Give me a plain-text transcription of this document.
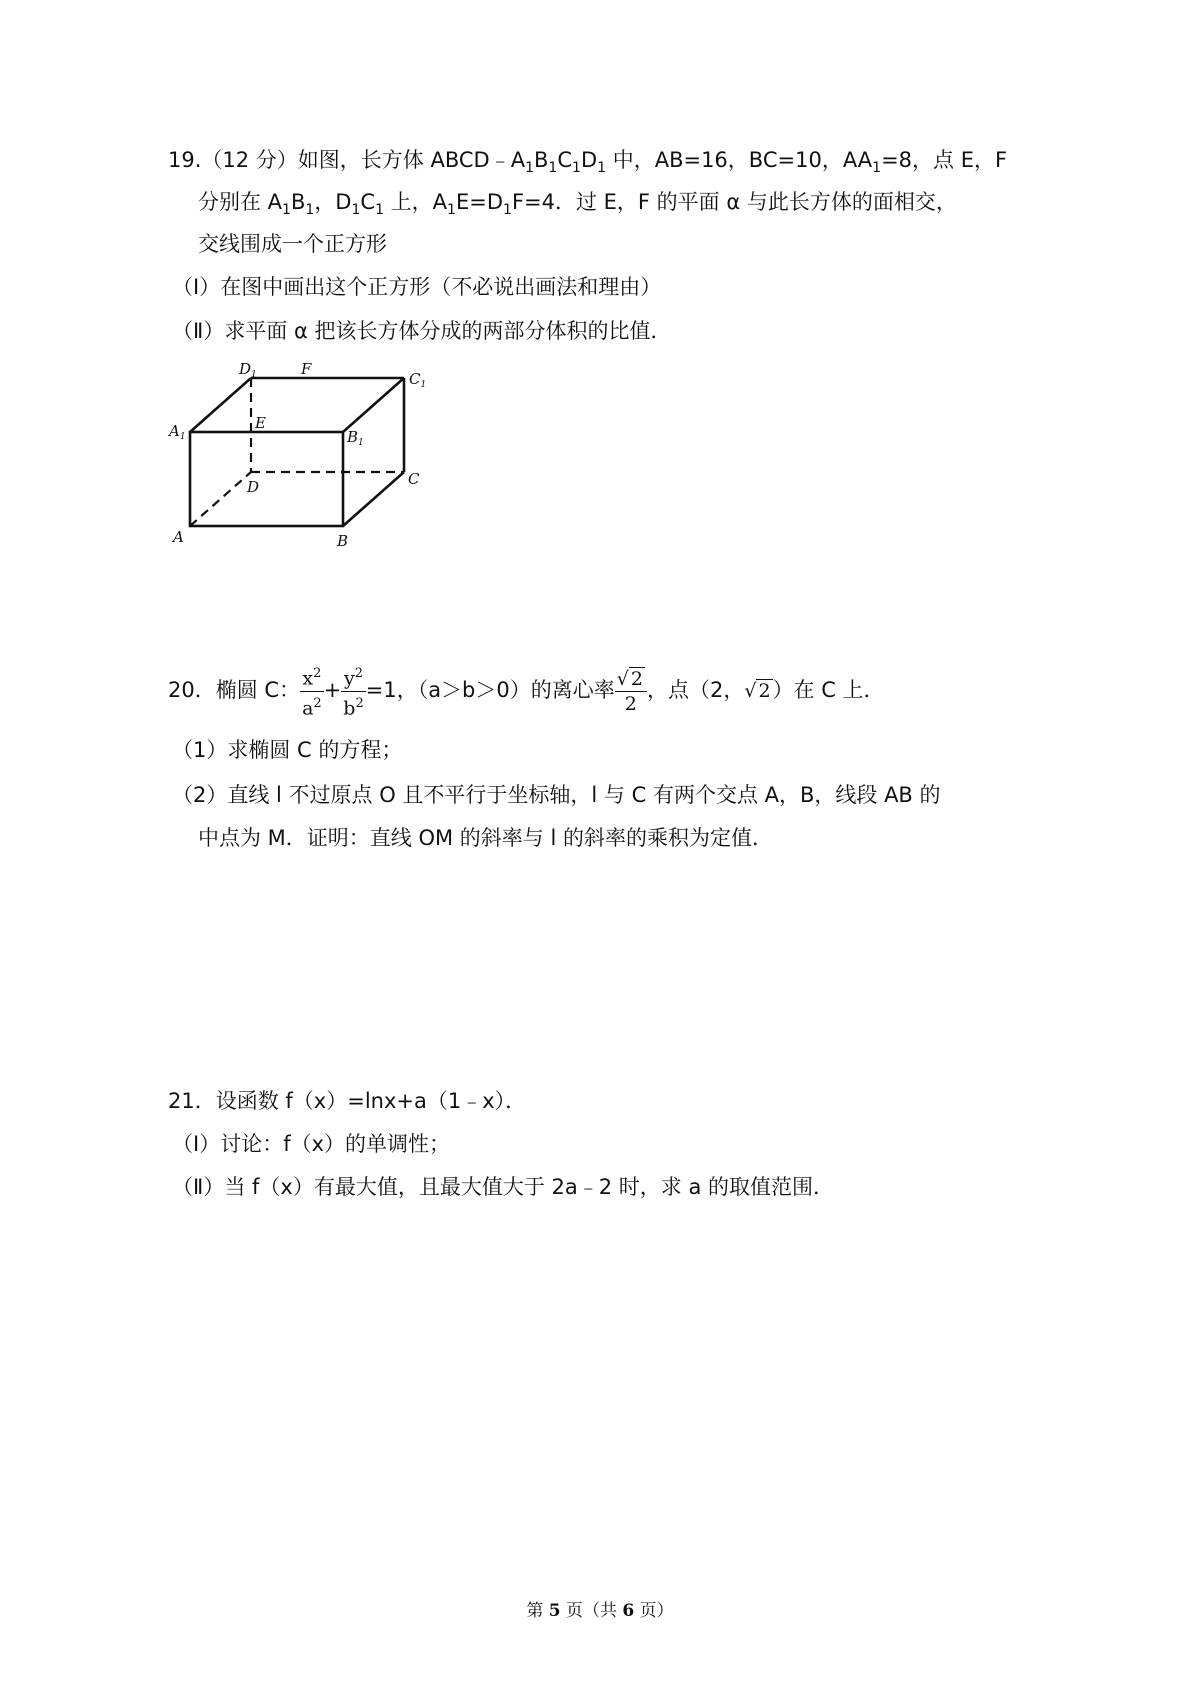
19.（12 分）如图，长方体 $ABCD﹣A_1B_1C_1D_1$ 中，AB=16，BC=10，$AA_1=8$，点 E，F
分别在 $A_1B_1$，$D_1C_1$ 上，$A_1E=D_1F=4$．过 E，F 的平面 α 与此长方体的面相交，
交线围成一个正方形
（Ⅰ）在图中画出这个正方形（不必说出画法和理由）
（Ⅱ）求平面 α 把该长方体分成的两部分体积的比值．
$D_1$	F
$C_1$
$A_1$
E
$B_1$
D	C
A	B
20．椭圆 C： $\frac{x^2}{a^2} + \frac{y^2}{b^2} =1$，（a＞b＞0）的离心率 $\frac{√ 2}{2}$ ，点（2，√ 2）在 C 上．
（1）求椭圆 C 的方程；
（2）直线 l 不过原点 O 且不平行于坐标轴，l 与 C 有两个交点 A，B，线段 AB 的
中点为 M．证明：直线 OM 的斜率与 l 的斜率的乘积为定值．
21．设函数 f（x）=lnx+a（1﹣x）．
（Ⅰ）讨论：f（x）的单调性；
（Ⅱ）当 f（x）有最大值，且最大值大于 2a﹣2 时，求 a 的取值范围．
第 5 页（共 6 页）
